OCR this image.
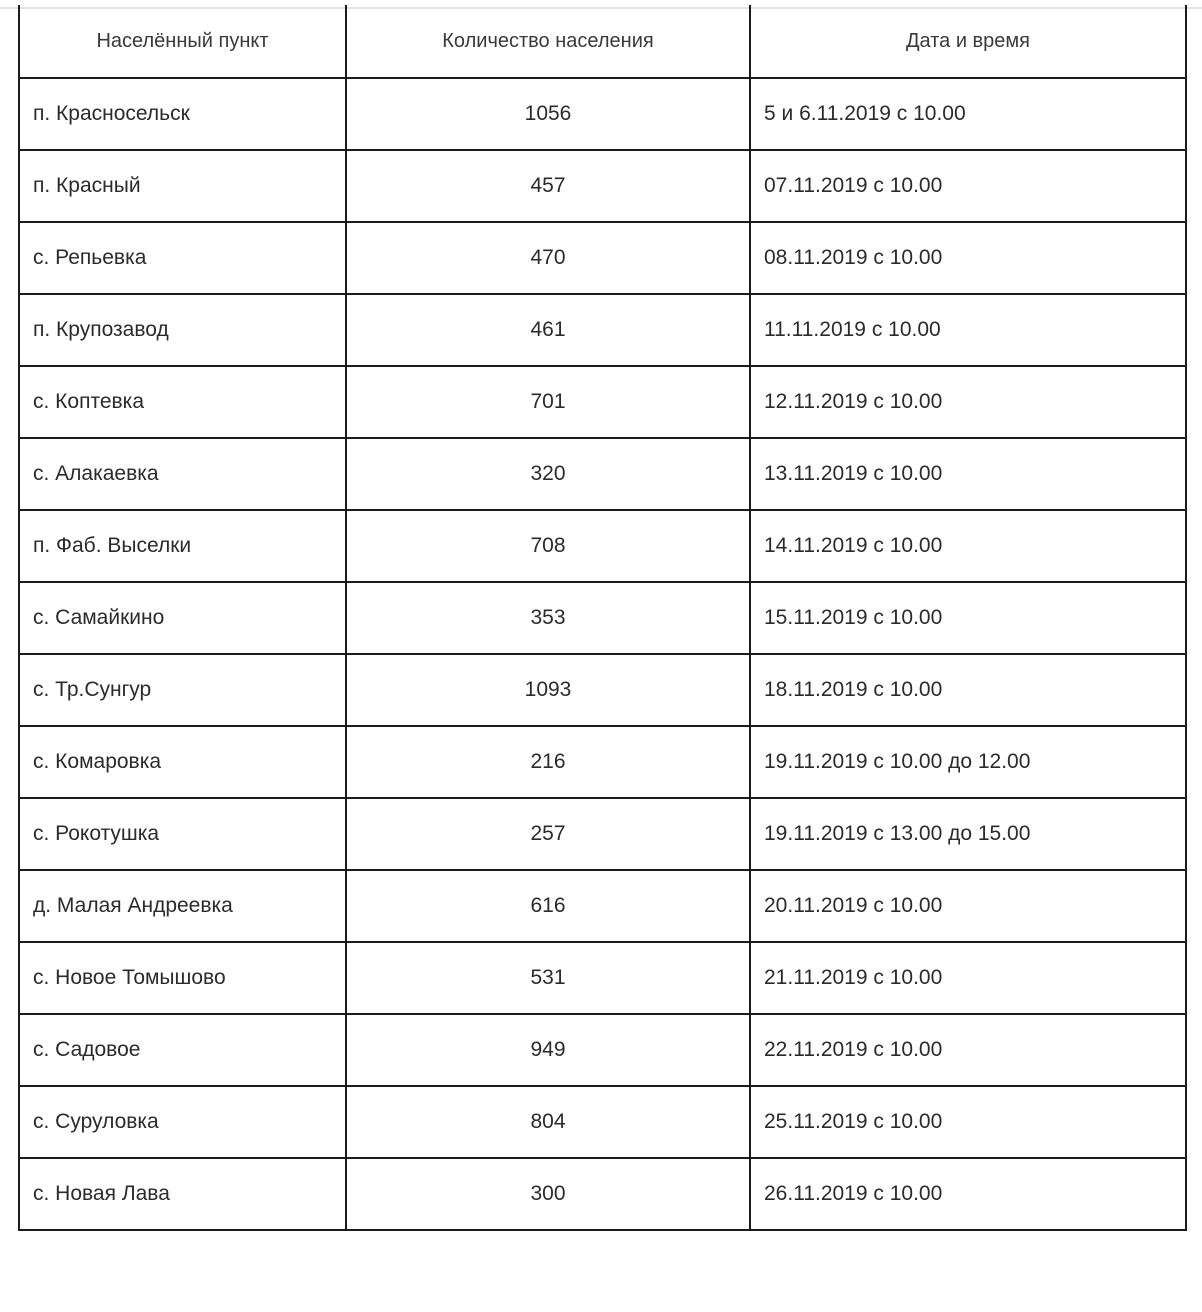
Населённый пункт	Количество населения	Дата и время
п. Красносельск	1056	5 и 6.11.2019 с 10.00
п. Красный	457	07.11.2019 с 10.00
с. Репьевка	470	08.11.2019 с 10.00
п. Крупозавод	461	11.11.2019 с 10.00
с. Коптевка	701	12.11.2019 с 10.00
с. Алакаевка	320	13.11.2019 с 10.00
п. Фаб. Выселки	708	14.11.2019 с 10.00
с. Самайкино	353	15.11.2019 с 10.00
с. Тр.Сунгур	1093	18.11.2019 с 10.00
с. Комаровка	216	19.11.2019 с 10.00 до 12.00
с. Рокотушка	257	19.11.2019 с 13.00 до 15.00
д. Малая Андреевка	616	20.11.2019 с 10.00
с. Новое Томышово	531	21.11.2019 с 10.00
с. Садовое	949	22.11.2019 с 10.00
с. Суруловка	804	25.11.2019 с 10.00
с. Новая Лава	300	26.11.2019 с 10.00
